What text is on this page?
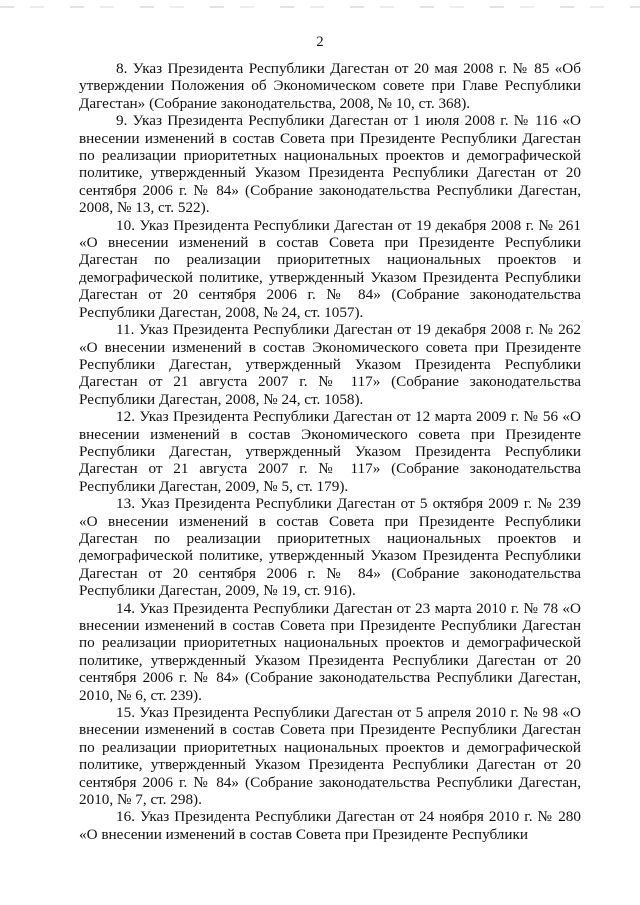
2

8. Указ Президента Республики Дагестан от 20 мая 2008 г. № 85 «Об утверждении Положения об Экономическом совете при Главе Республики Дагестан» (Собрание законодательства, 2008, № 10, ст. 368).

9. Указ Президента Республики Дагестан от 1 июля 2008 г. № 116 «О внесении изменений в состав Совета при Президенте Республики Дагестан по реализации приоритетных национальных проектов и демографической политике, утвержденный Указом Президента Республики Дагестан от 20 сентября 2006 г. № 84» (Собрание законодательства Республики Дагестан, 2008, № 13, ст. 522).

10. Указ Президента Республики Дагестан от 19 декабря 2008 г. № 261 «О внесении изменений в состав Совета при Президенте Республики Дагестан по реализации приоритетных национальных проектов и демографической политике, утвержденный Указом Президента Республики Дагестан от 20 сентября 2006 г. № 84» (Собрание законодательства Республики Дагестан, 2008, № 24, ст. 1057).

11. Указ Президента Республики Дагестан от 19 декабря 2008 г. № 262 «О внесении изменений в состав Экономического совета при Президенте Республики Дагестан, утвержденный Указом Президента Республики Дагестан от 21 августа 2007 г. № 117» (Собрание законодательства Республики Дагестан, 2008, № 24, ст. 1058).

12. Указ Президента Республики Дагестан от 12 марта 2009 г. № 56 «О внесении изменений в состав Экономического совета при Президенте Республики Дагестан, утвержденный Указом Президента Республики Дагестан от 21 августа 2007 г. № 117» (Собрание законодательства Республики Дагестан, 2009, № 5, ст. 179).

13. Указ Президента Республики Дагестан от 5 октября 2009 г. № 239 «О внесении изменений в состав Совета при Президенте Республики Дагестан по реализации приоритетных национальных проектов и демографической политике, утвержденный Указом Президента Республики Дагестан от 20 сентября 2006 г. № 84» (Собрание законодательства Республики Дагестан, 2009, № 19, ст. 916).

14. Указ Президента Республики Дагестан от 23 марта 2010 г. № 78 «О внесении изменений в состав Совета при Президенте Республики Дагестан по реализации приоритетных национальных проектов и демографической политике, утвержденный Указом Президента Республики Дагестан от 20 сентября 2006 г. № 84» (Собрание законодательства Республики Дагестан, 2010, № 6, ст. 239).

15. Указ Президента Республики Дагестан от 5 апреля 2010 г. № 98 «О внесении изменений в состав Совета при Президенте Республики Дагестан по реализации приоритетных национальных проектов и демографической политике, утвержденный Указом Президента Республики Дагестан от 20 сентября 2006 г. № 84» (Собрание законодательства Республики Дагестан, 2010, № 7, ст. 298).

16. Указ Президента Республики Дагестан от 24 ноября 2010 г. № 280 «О внесении изменений в состав Совета при Президенте Республики
